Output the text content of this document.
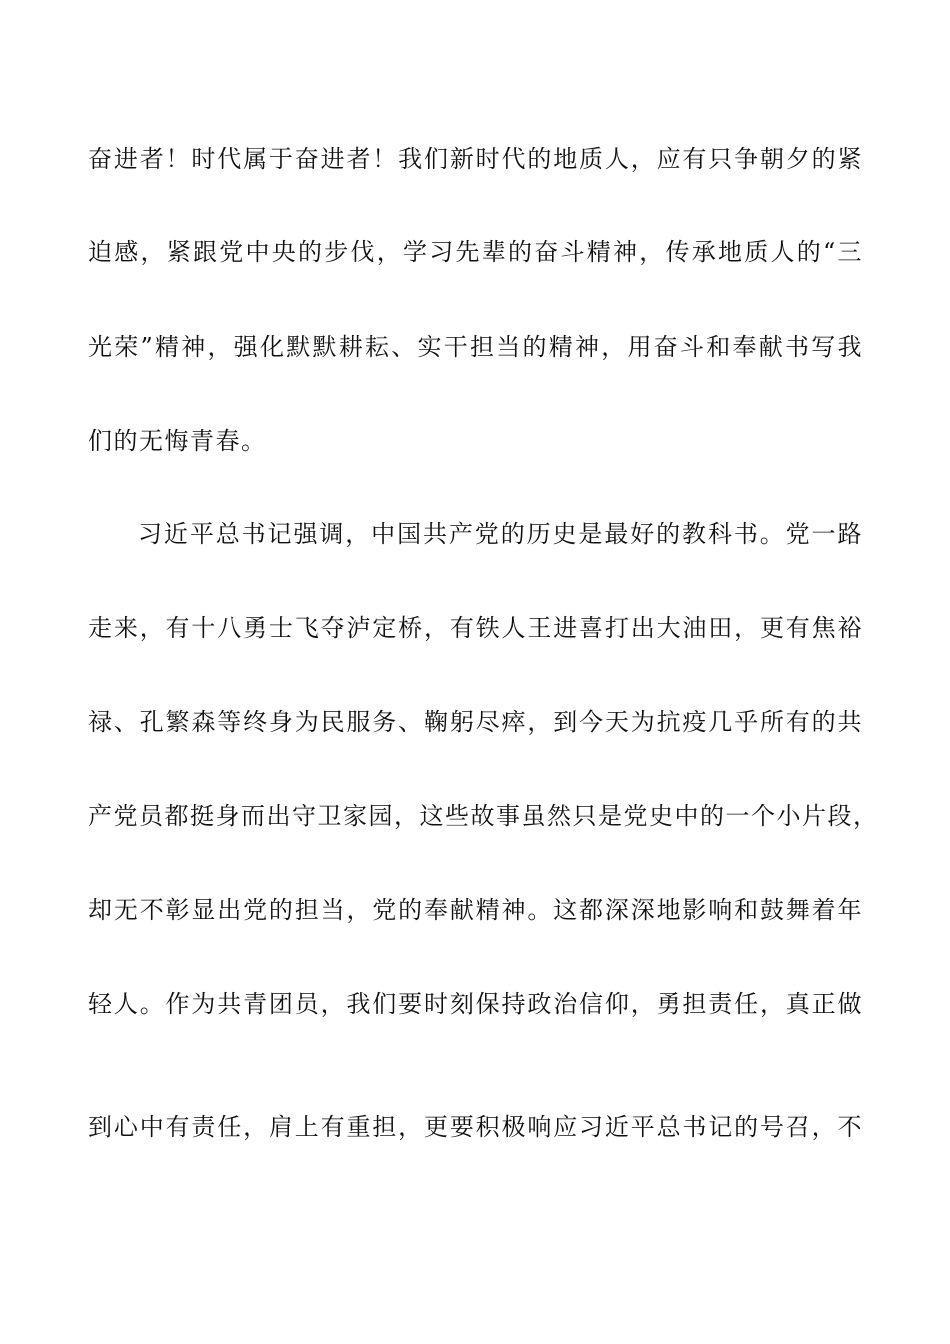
奋进者！时代属于奋进者！我们新时代的地质人，应有只争朝夕的紧
迫感，紧跟党中央的步伐，学习先辈的奋斗精神，传承地质人的“三
光荣”精神，强化默默耕耘、实干担当的精神，用奋斗和奉献书写我
们的无悔青春。
习近平总书记强调，中国共产党的历史是最好的教科书。党一路
走来，有十八勇士飞夺泸定桥，有铁人王进喜打出大油田，更有焦裕
禄、孔繁森等终身为民服务、鞠躬尽瘁，到今天为抗疫几乎所有的共
产党员都挺身而出守卫家园，这些故事虽然只是党史中的一个小片段，
却无不彰显出党的担当，党的奉献精神。这都深深地影响和鼓舞着年
轻人。作为共青团员，我们要时刻保持政治信仰，勇担责任，真正做
到心中有责任，肩上有重担，更要积极响应习近平总书记的号召，不
